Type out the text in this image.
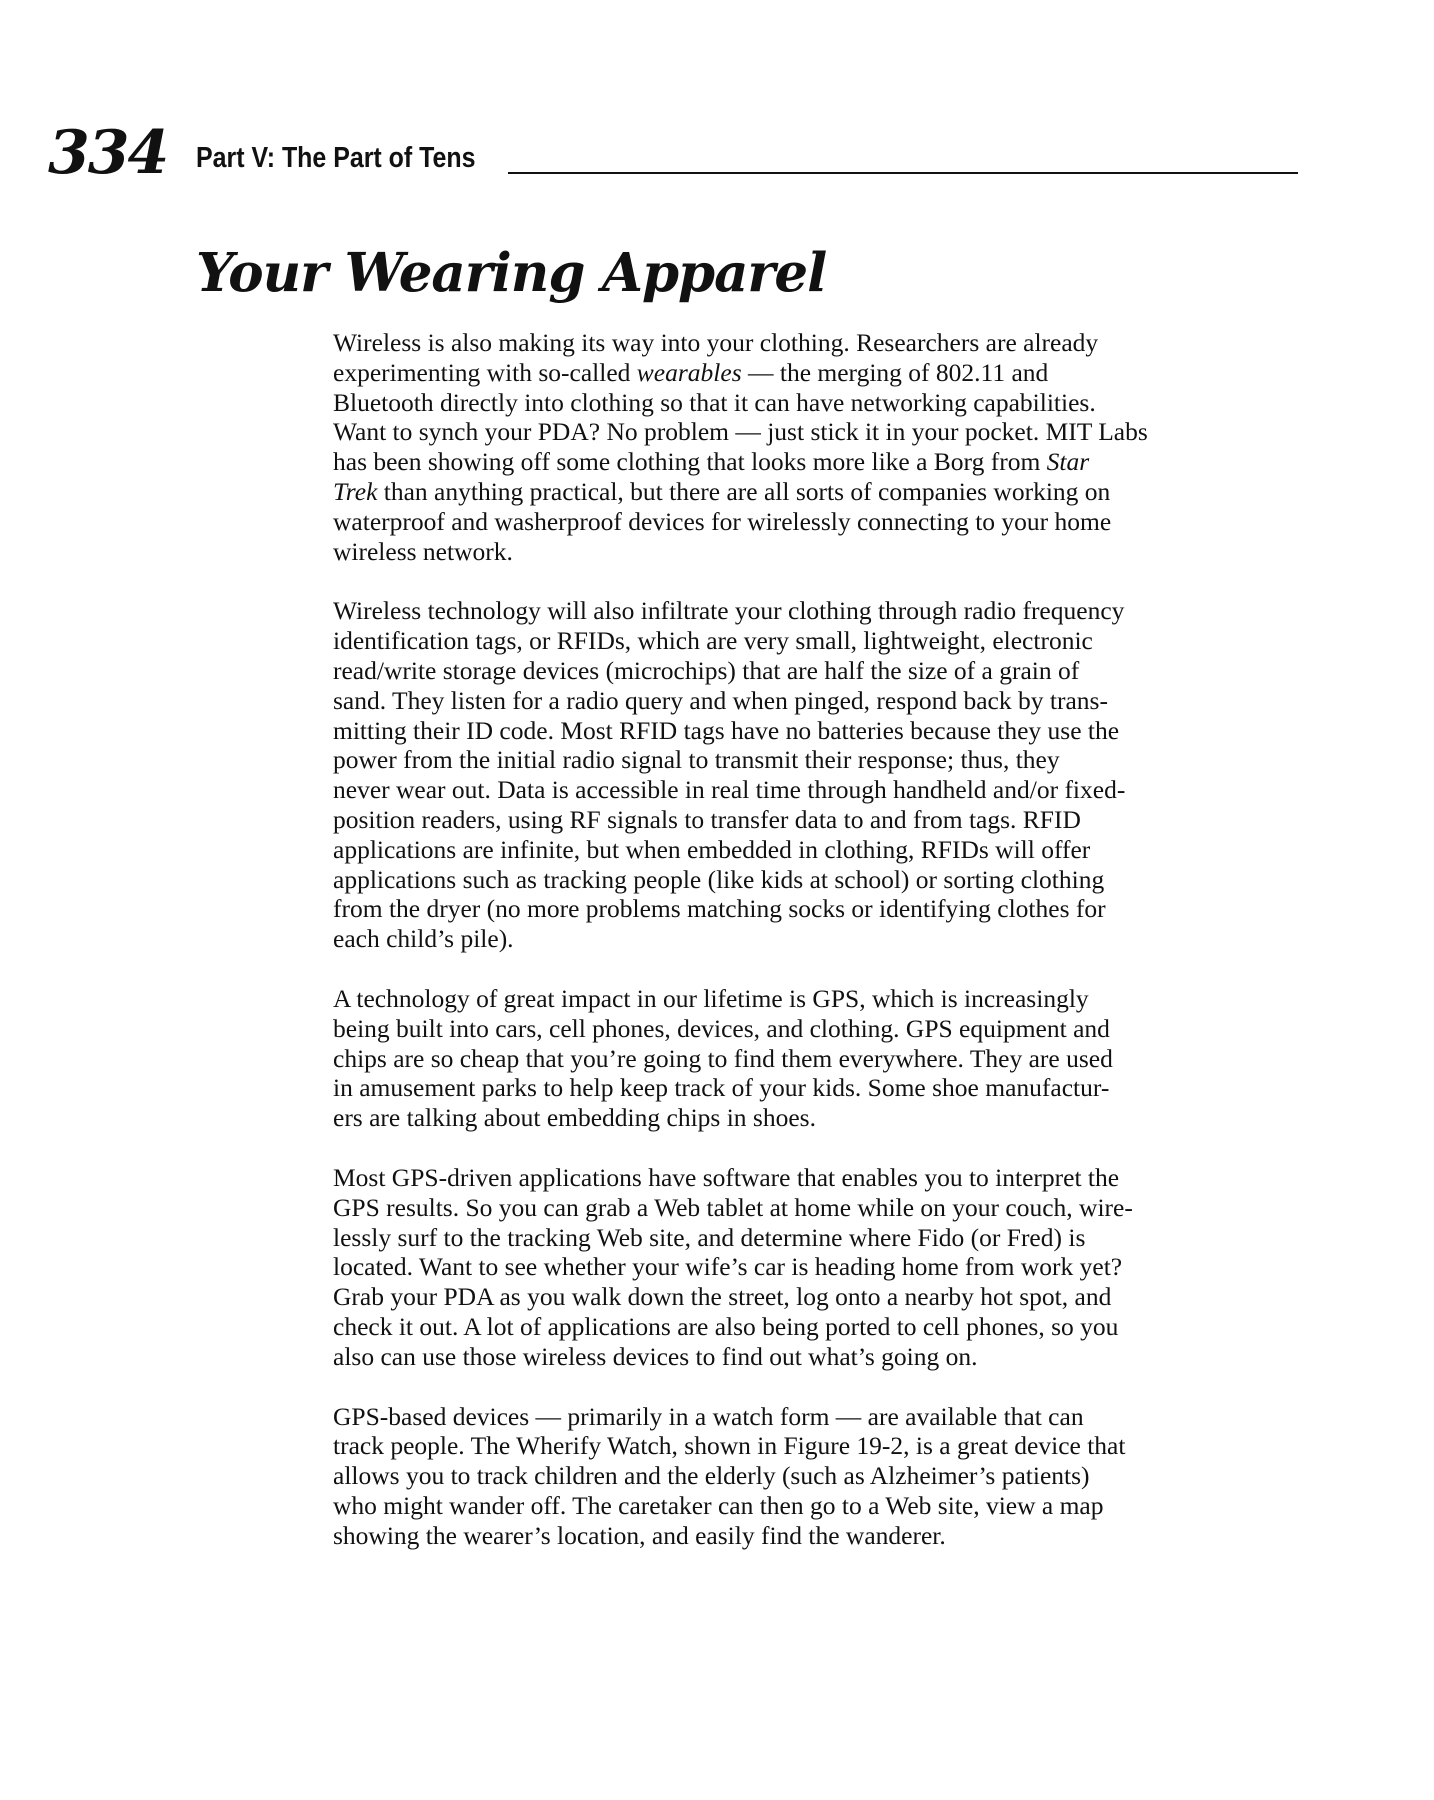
334 Part V: The Part of Tens
Your Wearing Apparel

Wireless is also making its way into your clothing. Researchers are already
experimenting with so-called wearables — the merging of 802.11 and
Bluetooth directly into clothing so that it can have networking capabilities.
Want to synch your PDA? No problem — just stick it in your pocket. MIT Labs
has been showing off some clothing that looks more like a Borg from Star
Trek than anything practical, but there are all sorts of companies working on
waterproof and washerproof devices for wirelessly connecting to your home
wireless network.

Wireless technology will also infiltrate your clothing through radio frequency
identification tags, or RFIDs, which are very small, lightweight, electronic
read/write storage devices (microchips) that are half the size of a grain of
sand. They listen for a radio query and when pinged, respond back by trans-
mitting their ID code. Most RFID tags have no batteries because they use the
power from the initial radio signal to transmit their response; thus, they
never wear out. Data is accessible in real time through handheld and/or fixed-
position readers, using RF signals to transfer data to and from tags. RFID
applications are infinite, but when embedded in clothing, RFIDs will offer
applications such as tracking people (like kids at school) or sorting clothing
from the dryer (no more problems matching socks or identifying clothes for
each child’s pile).

A technology of great impact in our lifetime is GPS, which is increasingly
being built into cars, cell phones, devices, and clothing. GPS equipment and
chips are so cheap that you’re going to find them everywhere. They are used
in amusement parks to help keep track of your kids. Some shoe manufactur-
ers are talking about embedding chips in shoes.

Most GPS-driven applications have software that enables you to interpret the
GPS results. So you can grab a Web tablet at home while on your couch, wire-
lessly surf to the tracking Web site, and determine where Fido (or Fred) is
located. Want to see whether your wife’s car is heading home from work yet?
Grab your PDA as you walk down the street, log onto a nearby hot spot, and
check it out. A lot of applications are also being ported to cell phones, so you
also can use those wireless devices to find out what’s going on.

GPS-based devices — primarily in a watch form — are available that can
track people. The Wherify Watch, shown in Figure 19-2, is a great device that
allows you to track children and the elderly (such as Alzheimer’s patients)
who might wander off. The caretaker can then go to a Web site, view a map
showing the wearer’s location, and easily find the wanderer.
